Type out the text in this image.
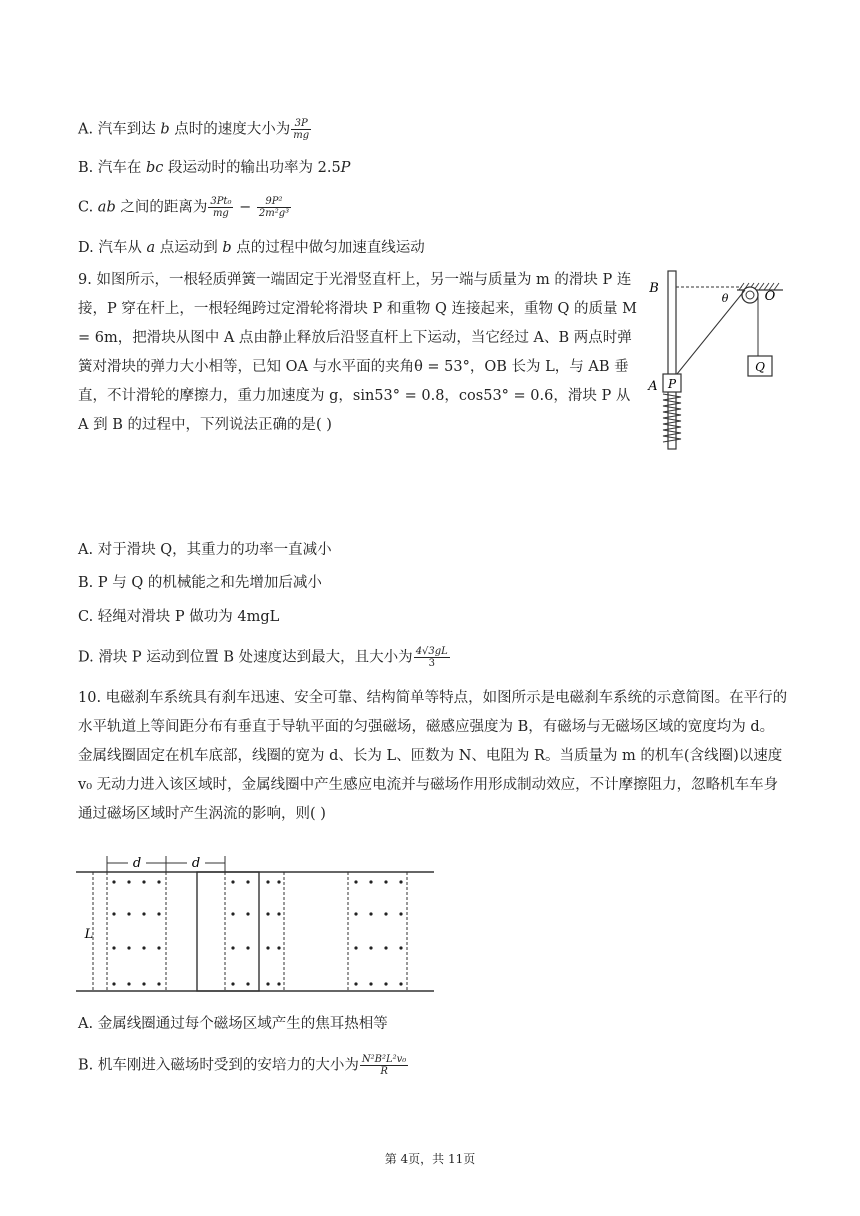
A. 汽车到达 b 点时的速度大小为 $\frac{3P}{mg}$
B. 汽车在 bc 段运动时的输出功率为 2.5P
C. ab 之间的距离为 $\frac{\text{3Pt₀}}{mg} - \frac{\text{9P²}}{\text{2m²g³}}$
D. 汽车从 a 点运动到 b 点的过程中做匀加速直线运动
9. 如图所示，一根轻质弹簧一端固定于光滑竖直杆上，另一端与质量为 m 的滑块 P 连接，P 穿在杆上，一根轻绳跨过定滑轮将滑块 P 和重物 Q 连接起来，重物 Q 的质量 M = 6m，把滑块从图中 A 点由静止释放后沿竖直杆上下运动，当它经过 A、B 两点时弹簧对滑块的弹力大小相等，已知 OA 与水平面的夹角θ = 53°，OB 长为 L，与 AB 垂直，不计滑轮的摩擦力，重力加速度为 g，sin53° = 0.8，cos53° = 0.6，滑块 P 从 A 到 B 的过程中，下列说法正确的是( )
Q
P
B
A
θ	O
A. 对于滑块 Q，其重力的功率一直减小
B. P 与 Q 的机械能之和先增加后减小
C. 轻绳对滑块 P 做功为 4mgL
D. 滑块 P 运动到位置 B 处速度达到最大，且大小为 $\frac{4√3gL}{3}$
10. 电磁刹车系统具有刹车迅速、安全可靠、结构简单等特点，如图所示是电磁刹车系统的示意简图。在平行的水平轨道上等间距分布有垂直于导轨平面的匀强磁场，磁感应强度为 B，有磁场与无磁场区域的宽度均为 d。金属线圈固定在机车底部，线圈的宽为 d、长为 L、匝数为 N、电阻为 R。当质量为 m 的机车(含线圈)以速度 v₀ 无动力进入该区域时，金属线圈中产生感应电流并与磁场作用形成制动效应，不计摩擦阻力，忽略机车车身通过磁场区域时产生涡流的影响，则( )
d	d
L
A. 金属线圈通过每个磁场区域产生的焦耳热相等
B. 机车刚进入磁场时受到的安培力的大小为 $\frac{\text{N²B²L²v₀}}{R}$
第 4页，共 11页
